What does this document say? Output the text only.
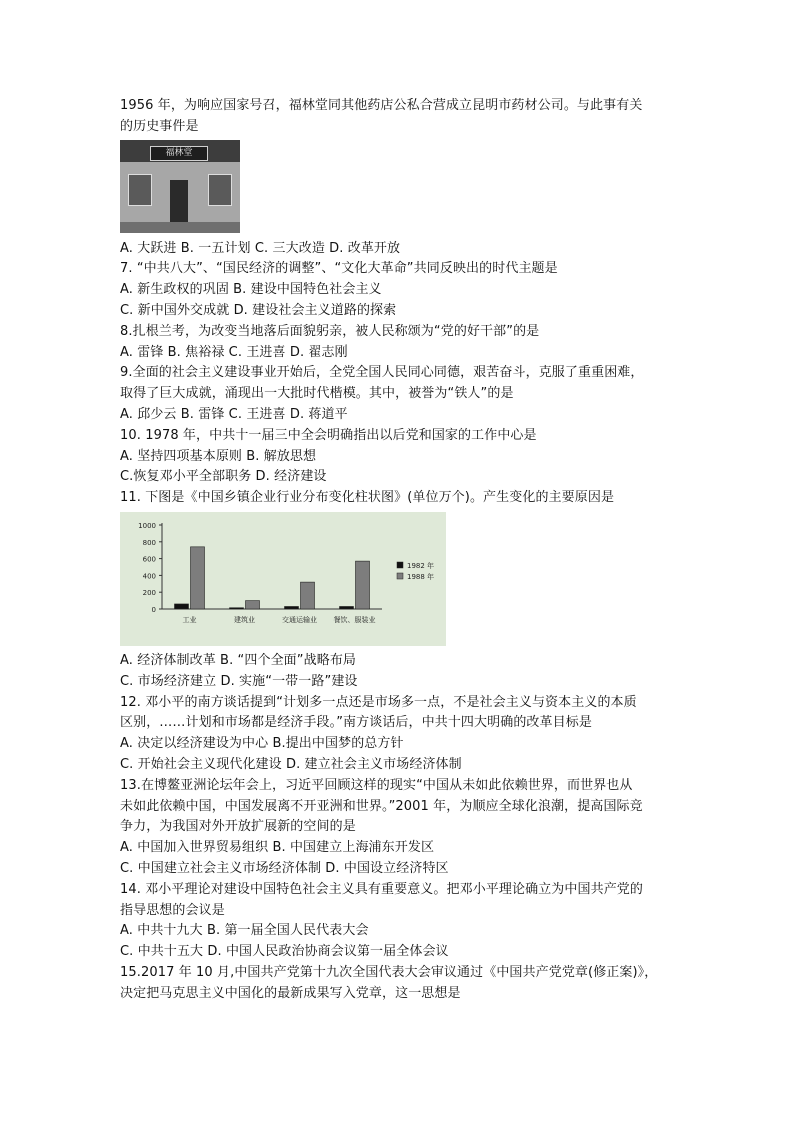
1956 年，为响应国家号召，福林堂同其他药店公私合营成立昆明市药材公司。与此事有关
的历史事件是
福林堂
A. 大跃进 B. 一五计划 C. 三大改造 D. 改革开放
7. “中共八大”、“国民经济的调整”、“文化大革命”共同反映出的时代主题是
A. 新生政权的巩固 B. 建设中国特色社会主义
C. 新中国外交成就 D. 建设社会主义道路的探索
8.扎根兰考，为改变当地落后面貌躬亲，被人民称颂为“党的好干部”的是
A. 雷锋 B. 焦裕禄 C. 王进喜 D. 翟志刚
9.全面的社会主义建设事业开始后，全党全国人民同心同德，艰苦奋斗，克服了重重困难，
取得了巨大成就，涌现出一大批时代楷模。其中，被誉为“铁人”的是
A. 邱少云 B. 雷锋 C. 王进喜 D. 蒋道平
10. 1978 年，中共十一届三中全会明确指出以后党和国家的工作中心是
A. 坚持四项基本原则 B. 解放思想
C.恢复邓小平全部职务 D. 经济建设
11. 下图是《中国乡镇企业行业分布变化柱状图》(单位万个)。产生变化的主要原因是
0
200
400
600
800
1000
工业	建筑业	交通运输业 餐饮、服装业
1982 年
1988 年
A. 经济体制改革 B. “四个全面”战略布局
C. 市场经济建立 D. 实施“一带一路”建设
12. 邓小平的南方谈话提到“计划多一点还是市场多一点，不是社会主义与资本主义的本质
区别，……计划和市场都是经济手段。”南方谈话后，中共十四大明确的改革目标是
A. 决定以经济建设为中心 B.提出中国梦的总方针
C. 开始社会主义现代化建设 D. 建立社会主义市场经济体制
13.在博鳌亚洲论坛年会上，习近平回顾这样的现实“中国从未如此依赖世界，而世界也从
未如此依赖中国，中国发展离不开亚洲和世界。”2001 年，为顺应全球化浪潮，提高国际竞
争力，为我国对外开放扩展新的空间的是
A. 中国加入世界贸易组织 B. 中国建立上海浦东开发区
C. 中国建立社会主义市场经济体制 D. 中国设立经济特区
14. 邓小平理论对建设中国特色社会主义具有重要意义。把邓小平理论确立为中国共产党的
指导思想的会议是
A. 中共十九大 B. 第一届全国人民代表大会
C. 中共十五大 D. 中国人民政治协商会议第一届全体会议
15.2017 年 10 月,中国共产党第十九次全国代表大会审议通过《中国共产党党章(修正案)》，
决定把马克思主义中国化的最新成果写入党章，这一思想是
